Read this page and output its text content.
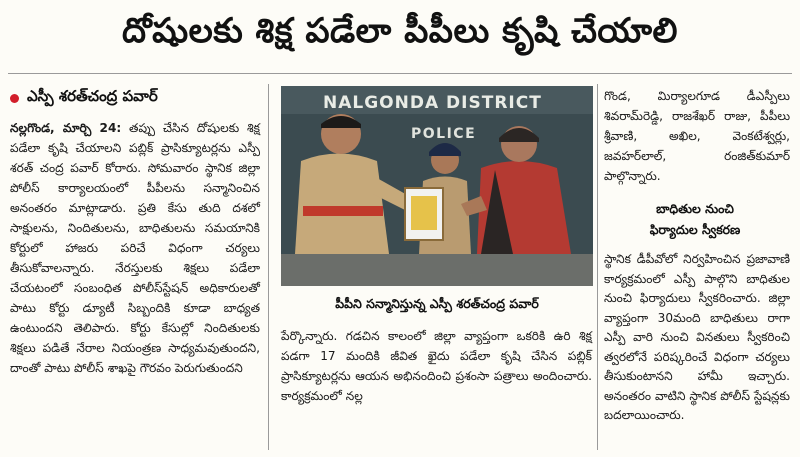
దోషులకు శిక్ష పడేలా పీపీలు కృషి చేయాలి
ఎస్పీ శరత్‌చంద్ర పవార్

నల్లగొండ, మార్చి 24: తప్పు చేసిన దోషులకు శిక్ష పడేలా కృషి చేయాలని పబ్లిక్ ప్రాసిక్యూటర్లను ఎస్పీ శరత్ చంద్ర పవార్ కోరారు. సోమవారం స్థానిక జిల్లా పోలీస్ కార్యాలయంలో పీపీలను సన్మానించిన అనంతరం మాట్లాడారు. ప్రతి కేసు తుది దశలో సాక్షులను, నిందితులను, బాధితులను సమయానికి కోర్టులో హాజరు పరిచే విధంగా చర్యలు తీసుకోవాలన్నారు. నేరస్తులకు శిక్షలు పడేలా చేయటంలో సంబంధిత పోలీస్‌స్టేషన్ అధికారులతో పాటు కోర్టు డ్యూటీ సిబ్బందికి కూడా బాధ్యత ఉంటుందని తెలిపారు. కోర్టు కేసుల్లో నిందితులకు శిక్షలు పడితే నేరాల నియంత్రణ సాధ్యమవుతుందని, దాంతో పాటు పోలీస్ శాఖపై గౌరవం పెరుగుతుందని

NALGONDA DISTRICT
POLICE
పీపీని సన్మానిస్తున్న ఎస్పీ శరత్‌చంద్ర పవార్

పేర్కొన్నారు. గడచిన కాలంలో జిల్లా వ్యాప్తంగా ఒకరికి ఉరి శిక్ష పడగా 17 మందికి జీవిత ఖైదు పడేలా కృషి చేసిన పబ్లిక్ ప్రాసిక్యూటర్లను ఆయన అభినందించి ప్రశంసా పత్రాలు అందించారు. కార్యక్రమంలో నల్ల

గొండ, మిర్యాలగూడ డీఎస్పీలు శివరామ్‌రెడ్డి, రాజశేఖర్ రాజు, పీపీలు శ్రీవాణి, అఖిల, వెంకటేశ్వర్లు, జవహర్‌లాల్, రంజిత్‌కుమార్ పాల్గొన్నారు.

బాధితుల నుంచి
ఫిర్యాదుల స్వీకరణ

స్థానిక డీపీవోలో నిర్వహించిన ప్రజావాణి కార్యక్రమంలో ఎస్పీ పాల్గొని బాధితుల నుంచి ఫిర్యాదులు స్వీకరించారు. జిల్లా వ్యాప్తంగా 30మంది బాధితులు రాగా ఎస్పీ వారి నుంచి వినతులు స్వీకరించి త్వరలోనే పరిష్కరించే విధంగా చర్యలు తీసుకుంటానని హామీ ఇచ్చారు. అనంతరం వాటిని స్థానిక పోలీస్ స్టేషన్లకు బదలాయించారు.
